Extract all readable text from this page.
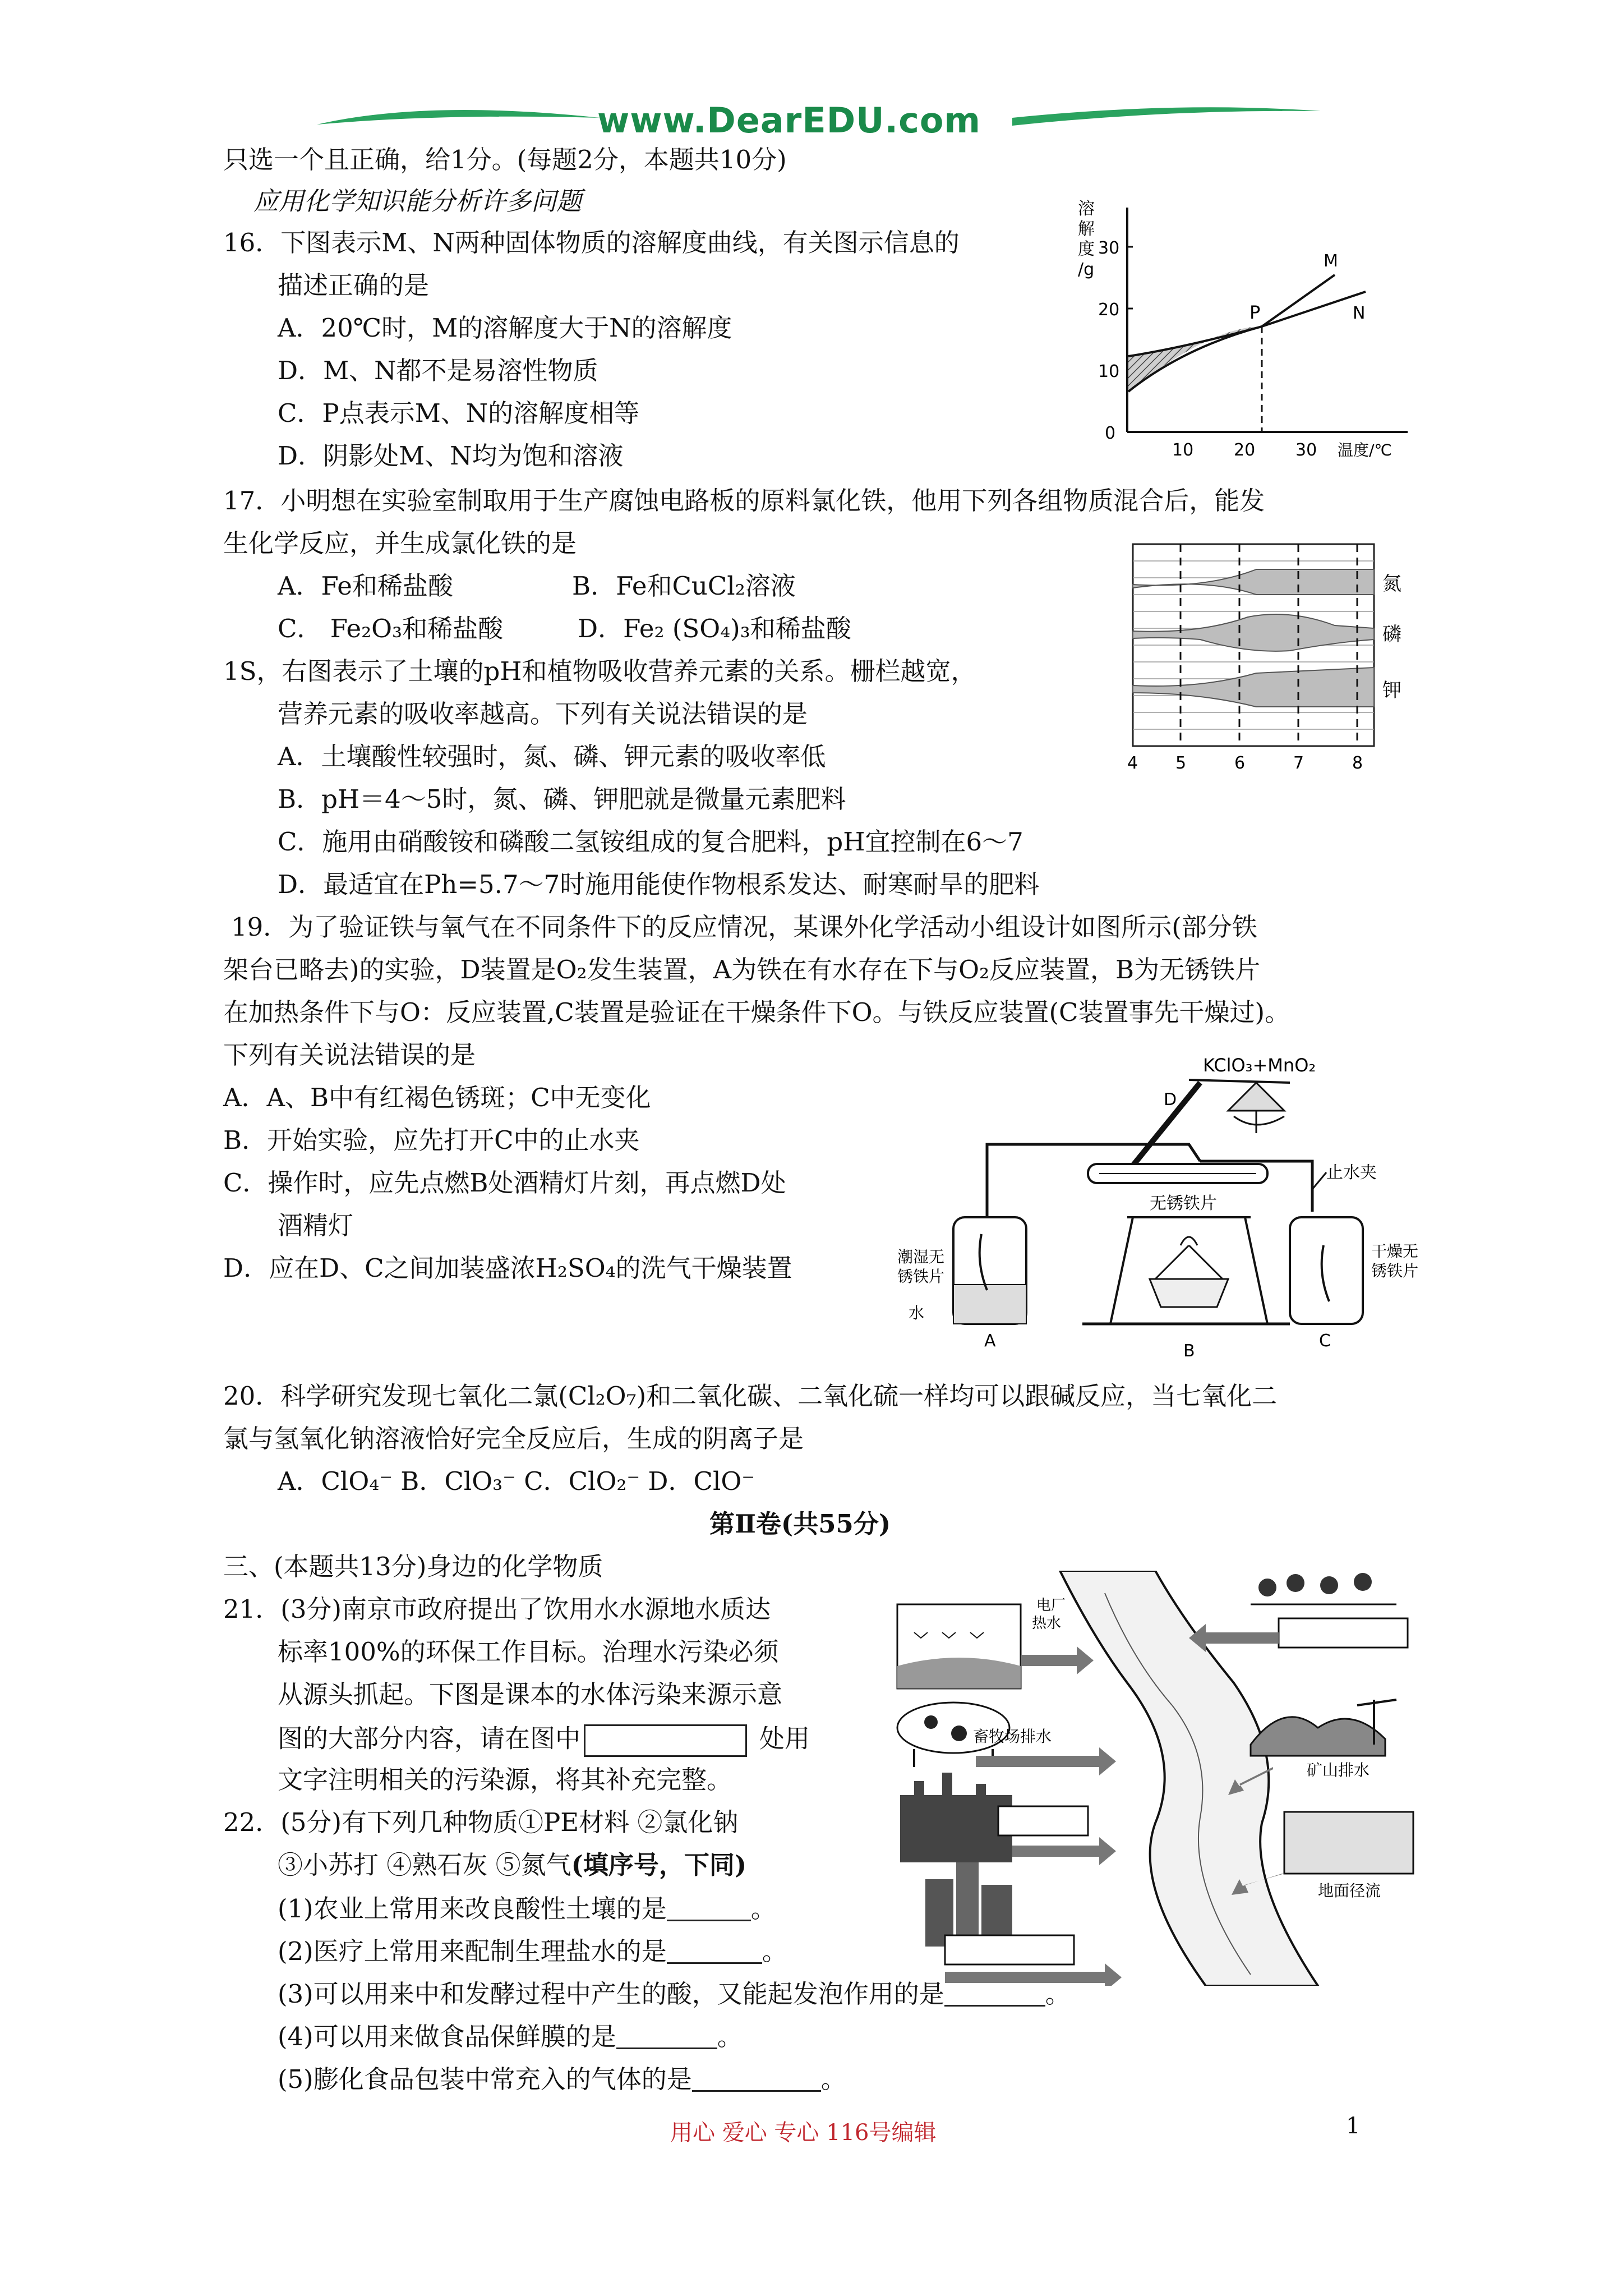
www.DearEDU.com
只选一个且正确，给1分。(每题2分，本题共10分)
应用化学知识能分析许多问题
16．下图表示M、N两种固体物质的溶解度曲线，有关图示信息的
描述正确的是
A．20℃时，M的溶解度大于N的溶解度
D．M、N都不是易溶性物质
C．P点表示M、N的溶解度相等
D．阴影处M、N均为饱和溶液
溶
解
度
/g
0
10
20
30
10 20 30 温度/℃
P
M
N
17．小明想在实验室制取用于生产腐蚀电路板的原料氯化铁，他用下列各组物质混合后，能发
生化学反应，并生成氯化铁的是
A．Fe和稀盐酸	B．Fe和CuCl₂溶液
C． Fe₂O₃和稀盐酸	D．Fe₂ (SO₄)₃和稀盐酸
1S，右图表示了土壤的pH和植物吸收营养元素的关系。栅栏越宽，
营养元素的吸收率越高。下列有关说法错误的是
A．土壤酸性较强时，氮、磷、钾元素的吸收率低
B．pH＝4～5时，氮、磷、钾肥就是微量元素肥料
C．施用由硝酸铵和磷酸二氢铵组成的复合肥料，pH宜控制在6～7
D．最适宜在Ph=5.7～7时施用能使作物根系发达、耐寒耐旱的肥料
氮
磷
钾
4 5	6	7	8
19．为了验证铁与氧气在不同条件下的反应情况，某课外化学活动小组设计如图所示(部分铁
架台已略去)的实验，D装置是O₂发生装置，A为铁在有水存在下与O₂反应装置，B为无锈铁片
在加热条件下与O：反应装置,C装置是验证在干燥条件下O。与铁反应装置(C装置事先干燥过)。
下列有关说法错误的是
A．A、B中有红褐色锈斑；C中无变化
B．开始实验，应先打开C中的止水夹
C．操作时，应先点燃B处酒精灯片刻，再点燃D处
酒精灯
D．应在D、C之间加装盛浓H₂SO₄的洗气干燥装置
KClO₃+MnO₂
D
无锈铁片
止水夹
潮湿无
锈铁片
水
A
干燥无
锈铁片
B
C
20．科学研究发现七氧化二氯(Cl₂O₇)和二氧化碳、二氧化硫一样均可以跟碱反应，当七氧化二
氯与氢氧化钠溶液恰好完全反应后，生成的阴离子是
A．ClO₄⁻ B．ClO₃⁻ C．ClO₂⁻ D．ClO⁻
第Ⅱ卷(共55分)
三、(本题共13分)身边的化学物质
21．(3分)南京市政府提出了饮用水水源地水质达
标率100%的环保工作目标。治理水污染必须
从源头抓起。下图是课本的水体污染来源示意
图的大部分内容，请在图中	处用
文字注明相关的污染源，将其补充完整。
电厂
热水
畜牧场排水
矿山排水
地面径流
22．(5分)有下列几种物质①PE材料 ②氯化钠
③小苏打 ④熟石灰 ⑤氮气(填序号，下同)
(1)农业上常用来改良酸性土壤的是	。
(2)医疗上常用来配制生理盐水的是	。
(3)可以用来中和发酵过程中产生的酸，又能起发泡作用的是	。
(4)可以用来做食品保鲜膜的是	。
(5)膨化食品包装中常充入的气体的是	。
用心 爱心 专心 116号编辑	1
